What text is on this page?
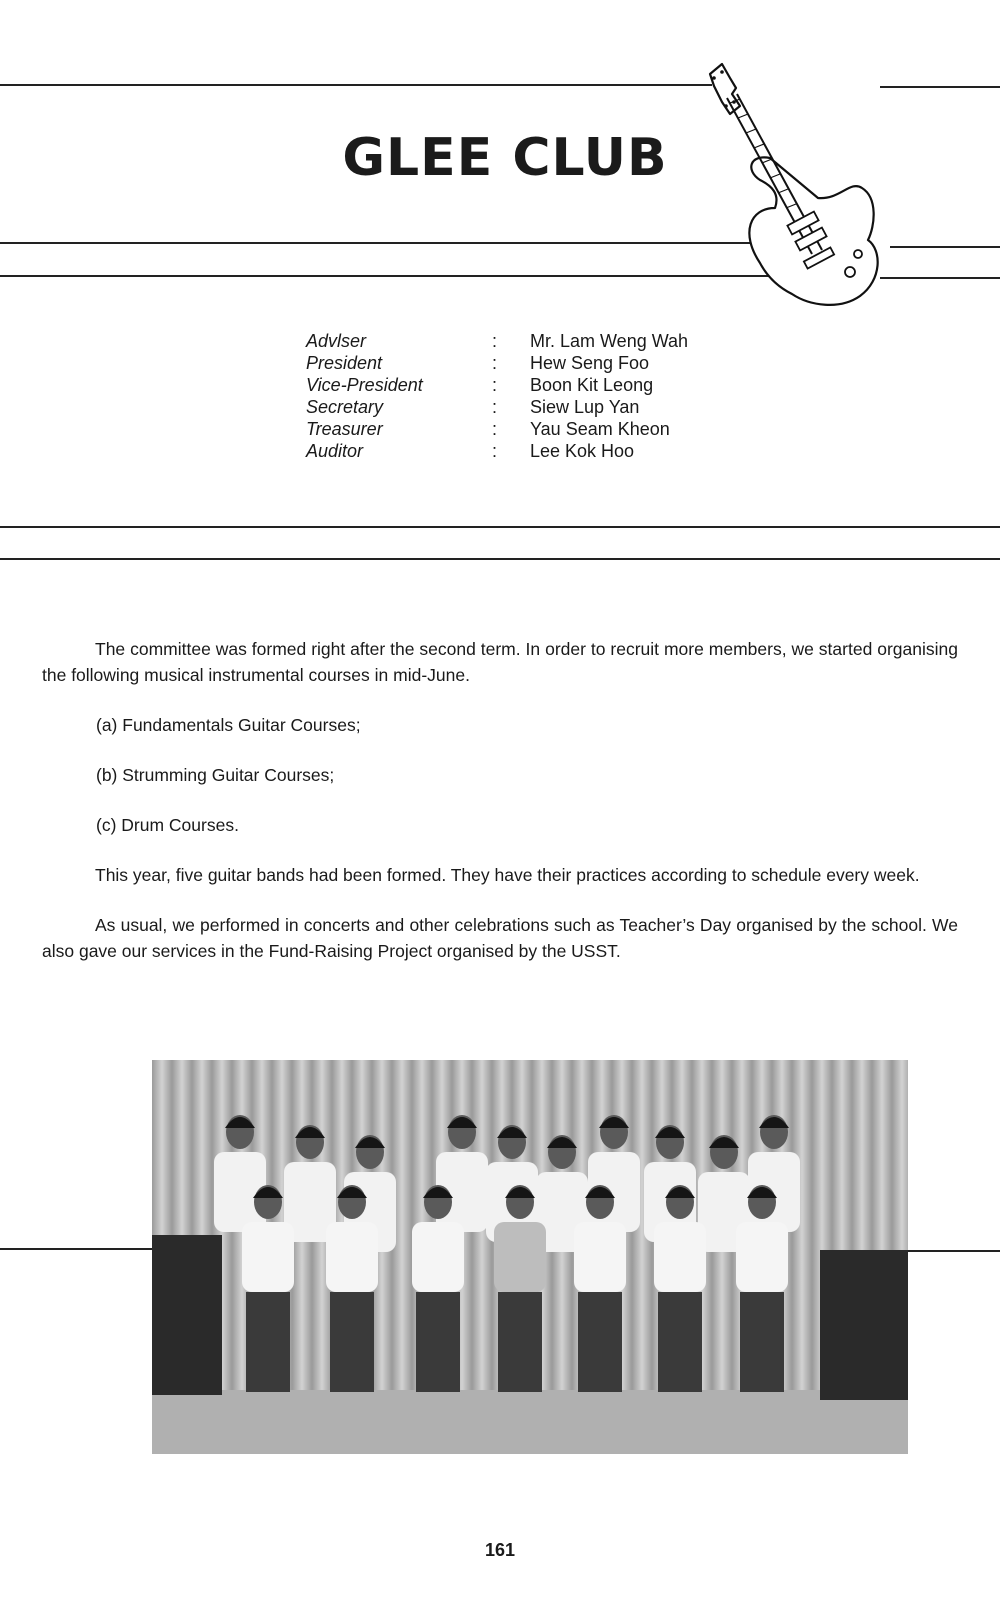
GLEE CLUB
Advlser	: Mr. Lam Weng Wah
President	: Hew Seng Foo
Vice-President	: Boon Kit Leong
Secretary	: Siew Lup Yan
Treasurer	: Yau Seam Kheon
Auditor	: Lee Kok Hoo

The committee was formed right after the second term. In order to recruit more members, we started organising the following musical instrumental courses in mid-June.

(a) Fundamentals Guitar Courses;

(b) Strumming Guitar Courses;

(c) Drum Courses.

This year, five guitar bands had been formed. They have their practices according to schedule every week.

As usual, we performed in concerts and other celebrations such as Teacher’s Day organised by the school. We also gave our services in the Fund-Raising Project organised by the USST.

161
